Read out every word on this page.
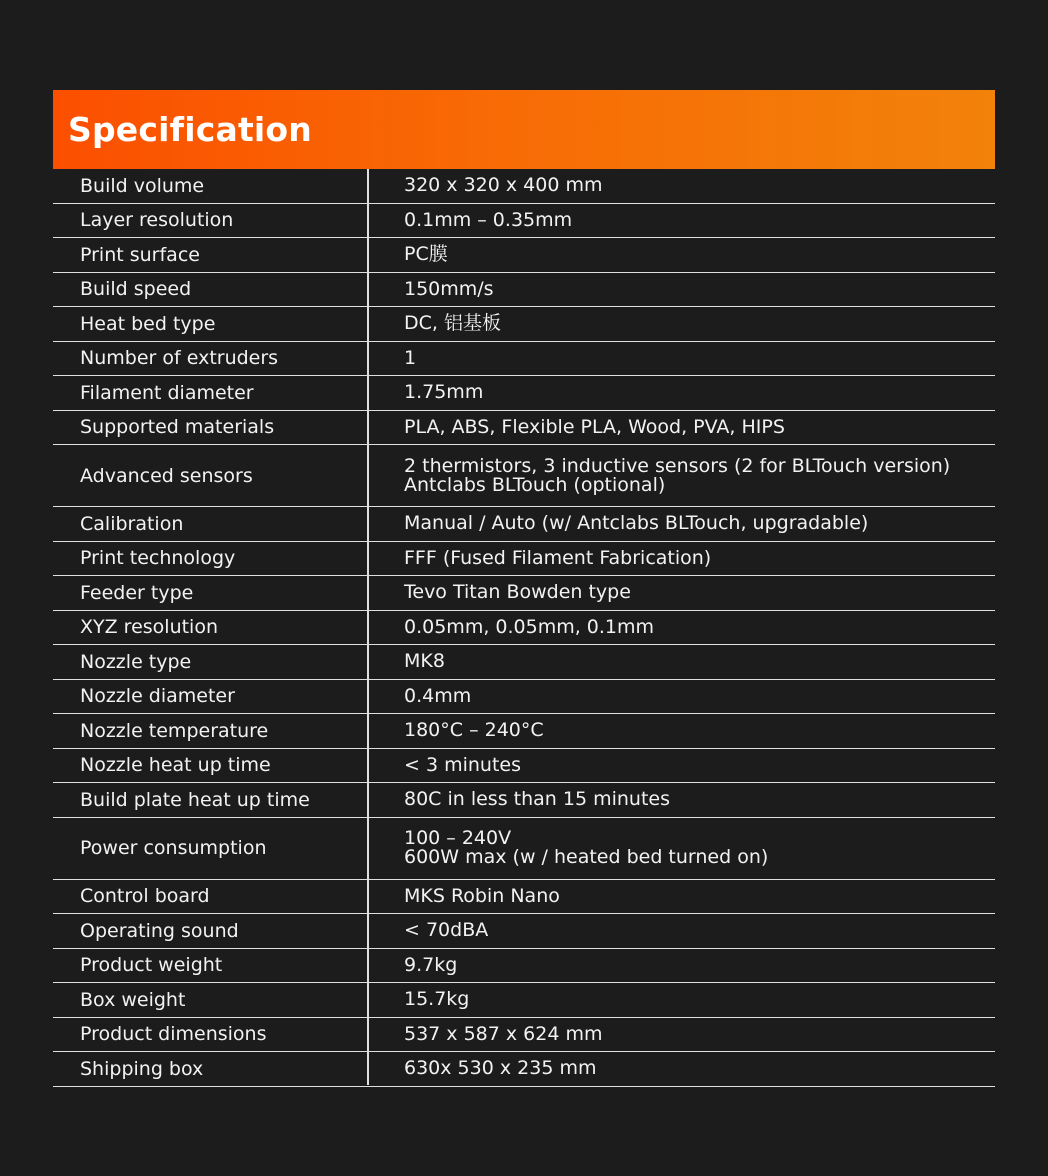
Specification
Shipping box	630x 530 x 235 mm
Product dimensions	537 x 587 x 624 mm
Box weight	15.7kg
Product weight	9.7kg
Operating sound	< 70dBA
Control board	MKS Robin Nano
Power consumption	100 – 240V
600W max (w / heated bed turned on)
Build plate heat up time	80C in less than 15 minutes
Nozzle heat up time	< 3 minutes
Nozzle temperature	180°C – 240°C
Nozzle diameter	0.4mm
Nozzle type	MK8
XYZ resolution	0.05mm, 0.05mm, 0.1mm
Feeder type	Tevo Titan Bowden type
Print technology	FFF (Fused Filament Fabrication)
Calibration	Manual / Auto (w/ Antclabs BLTouch, upgradable)
Advanced sensors	2 thermistors, 3 inductive sensors (2 for BLTouch version)
Antclabs BLTouch (optional)
Supported materials	PLA, ABS, Flexible PLA, Wood, PVA, HIPS
Filament diameter	1.75mm
Number of extruders	1
Heat bed type	DC, 铝基板
Build speed	150mm/s
Print surface	PC膜
Layer resolution	0.1mm – 0.35mm
Build volume	320 x 320 x 400 mm
